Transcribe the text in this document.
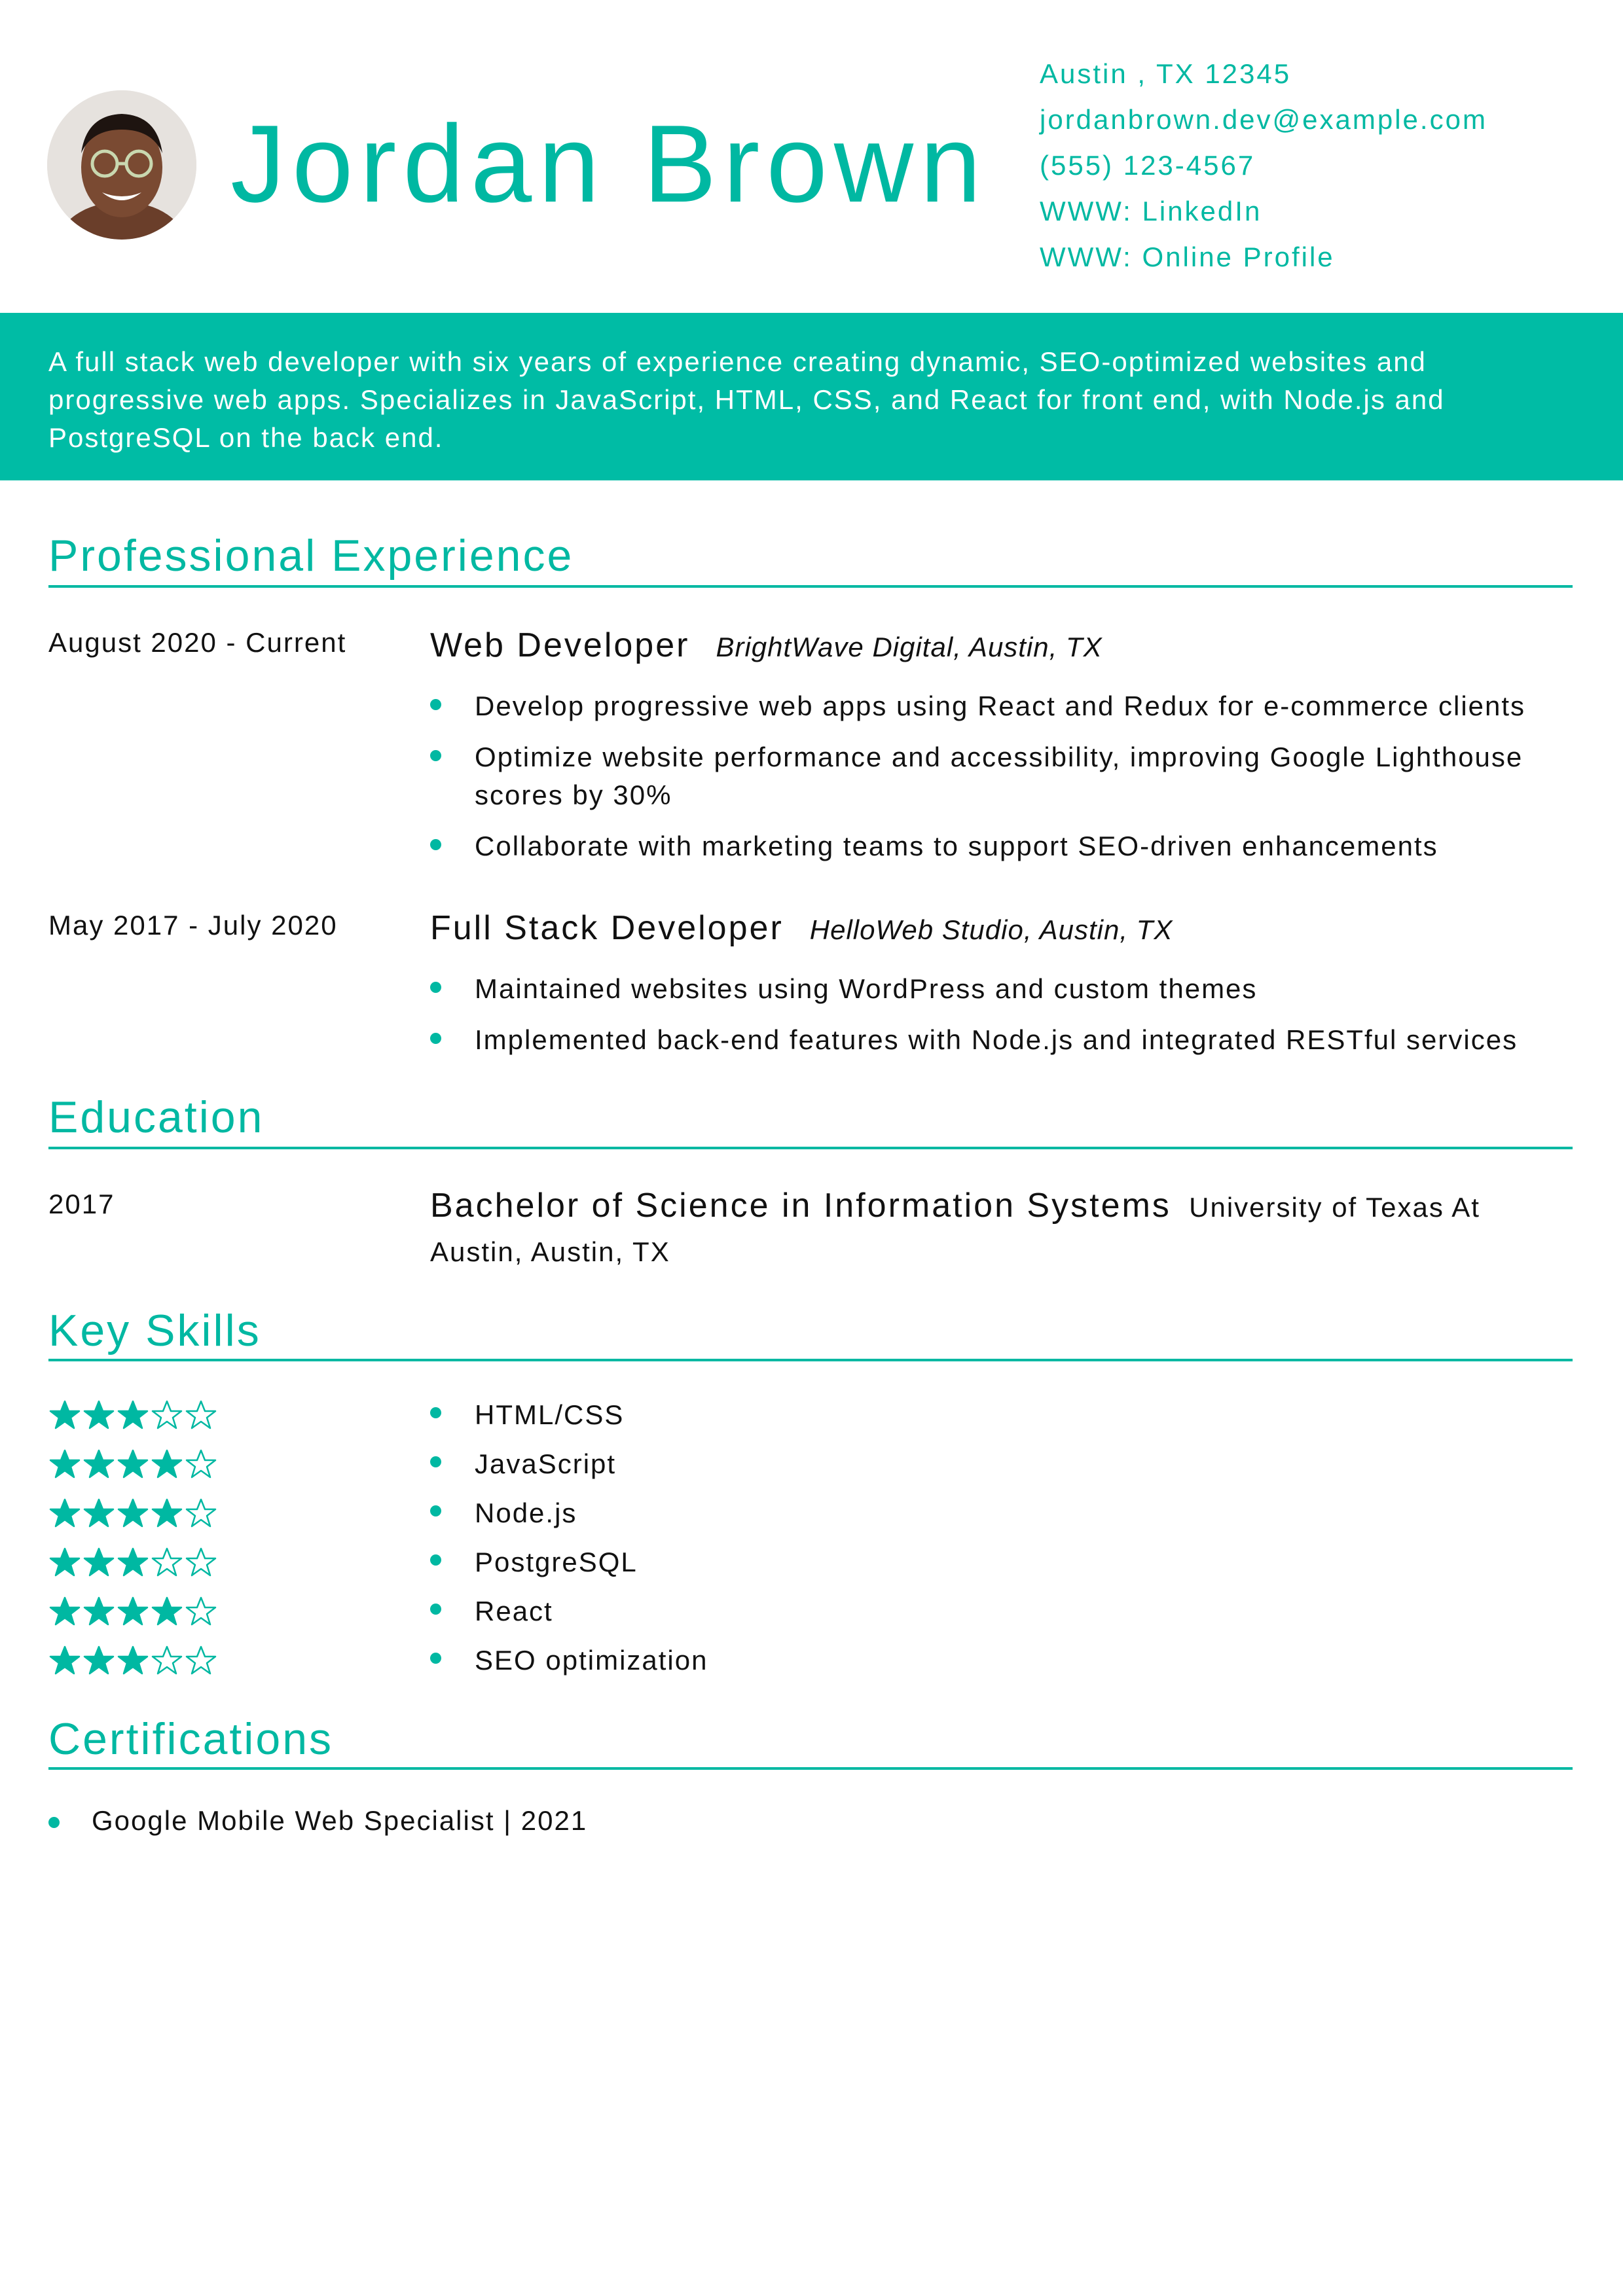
Jordan Brown
Austin , TX 12345
jordanbrown.dev@example.com
(555) 123-4567
WWW: LinkedIn
WWW: Online Profile

A full stack web developer with six years of experience creating dynamic, SEO-optimized websites and progressive web apps. Specializes in JavaScript, HTML, CSS, and React for front end, with Node.js and PostgreSQL on the back end.

Professional Experience
August 2020 - Current Web Developer BrightWave Digital, Austin, TX
Develop progressive web apps using React and Redux for e-commerce clients
Optimize website performance and accessibility, improving Google Lighthouse scores by 30%
Collaborate with marketing teams to support SEO-driven enhancements
May 2017 - July 2020	Full Stack Developer HelloWeb Studio, Austin, TX
Maintained websites using WordPress and custom themes
Implemented back-end features with Node.js and integrated RESTful services
Education
2017	Bachelor of Science in Information Systems University of Texas At Austin, Austin, TX
Key Skills
HTML/CSS
JavaScript
Node.js
PostgreSQL
React
SEO optimization
Certifications
Google Mobile Web Specialist | 2021
